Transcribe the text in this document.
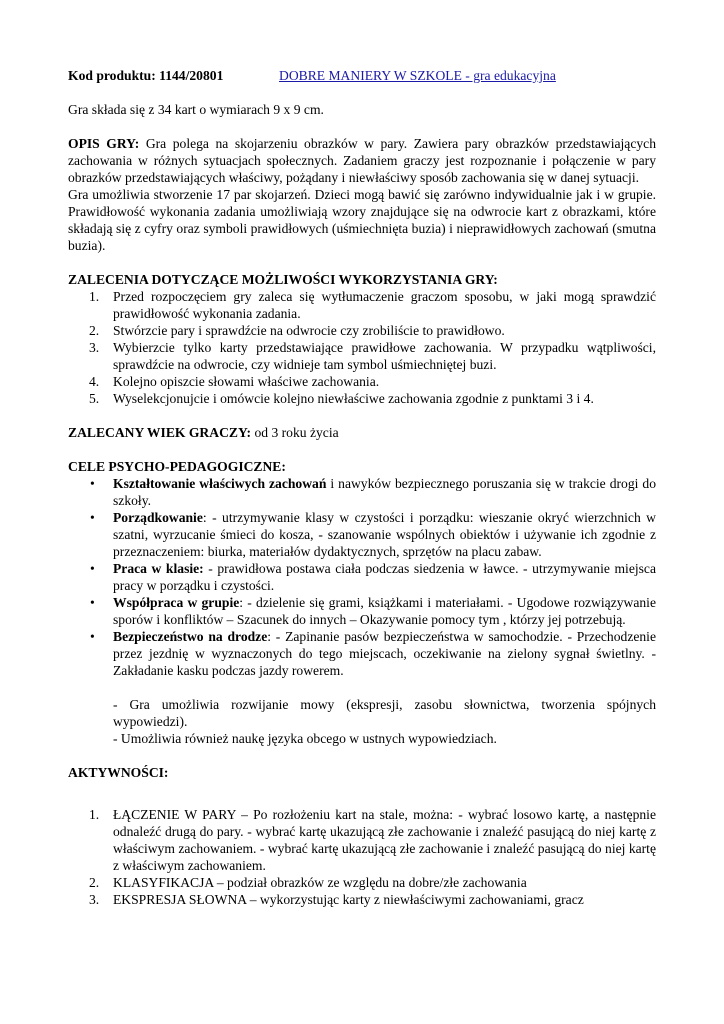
Kod produktu: 1144/20801	DOBRE MANIERY W SZKOLE - gra edukacyjna

Gra składa się z 34 kart o wymiarach 9 x 9 cm.

OPIS GRY: Gra polega na skojarzeniu obrazków w pary. Zawiera pary obrazków przedstawiających zachowania w różnych sytuacjach społecznych. Zadaniem graczy jest rozpoznanie i połączenie w pary obrazków przedstawiających właściwy, pożądany i niewłaściwy sposób zachowania się w danej sytuacji.

Gra umożliwia stworzenie 17 par skojarzeń. Dzieci mogą bawić się zarówno indywidualnie jak i w grupie. Prawidłowość wykonania zadania umożliwiają wzory znajdujące się na odwrocie kart z obrazkami, które składają się z cyfry oraz symboli prawidłowych (uśmiechnięta buzia) i nieprawidłowych zachowań (smutna buzia).

ZALECENIA DOTYCZĄCE MOŻLIWOŚCI WYKORZYSTANIA GRY:

1. Przed rozpoczęciem gry zaleca się wytłumaczenie graczom sposobu, w jaki mogą sprawdzić prawidłowość wykonania zadania.
2. Stwórzcie pary i sprawdźcie na odwrocie czy zrobiliście to prawidłowo.
3. Wybierzcie tylko karty przedstawiające prawidłowe zachowania. W przypadku wątpliwości, sprawdźcie na odwrocie, czy widnieje tam symbol uśmiechniętej buzi.
4. Kolejno opiszcie słowami właściwe zachowania.
5. Wyselekcjonujcie i omówcie kolejno niewłaściwe zachowania zgodnie z punktami 3 i 4.
ZALECANY WIEK GRACZY: od 3 roku życia

CELE PSYCHO-PEDAGOGICZNE:

• Kształtowanie właściwych zachowań i nawyków bezpiecznego poruszania się w trakcie drogi do szkoły.
• Porządkowanie: - utrzymywanie klasy w czystości i porządku: wieszanie okryć wierzchnich w szatni, wyrzucanie śmieci do kosza, - szanowanie wspólnych obiektów i używanie ich zgodnie z przeznaczeniem: biurka, materiałów dydaktycznych, sprzętów na placu zabaw.
• Praca w klasie: - prawidłowa postawa ciała podczas siedzenia w ławce. - utrzymywanie miejsca pracy w porządku i czystości.
• Współpraca w grupie: - dzielenie się grami, książkami i materiałami. - Ugodowe rozwiązywanie sporów i konfliktów – Szacunek do innych – Okazywanie pomocy tym , którzy jej potrzebują.
• Bezpieczeństwo na drodze: - Zapinanie pasów bezpieczeństwa w samochodzie. - Przechodzenie przez jezdnię w wyznaczonych do tego miejscach, oczekiwanie na zielony sygnał świetlny. - Zakładanie kasku podczas jazdy rowerem.

- Gra umożliwia rozwijanie mowy (ekspresji, zasobu słownictwa, tworzenia spójnych wypowiedzi).

- Umożliwia również naukę języka obcego w ustnych wypowiedziach.

AKTYWNOŚCI:

1. ŁĄCZENIE W PARY – Po rozłożeniu kart na stale, można: - wybrać losowo kartę, a następnie odnaleźć drugą do pary. - wybrać kartę ukazującą złe zachowanie i znaleźć pasującą do niej kartę z właściwym zachowaniem. - wybrać kartę ukazującą złe zachowanie i znaleźć pasującą do niej kartę z właściwym zachowaniem.
2. KLASYFIKACJA – podział obrazków ze względu na dobre/złe zachowania
3. EKSPRESJA SŁOWNA – wykorzystując karty z niewłaściwymi zachowaniami, gracz
